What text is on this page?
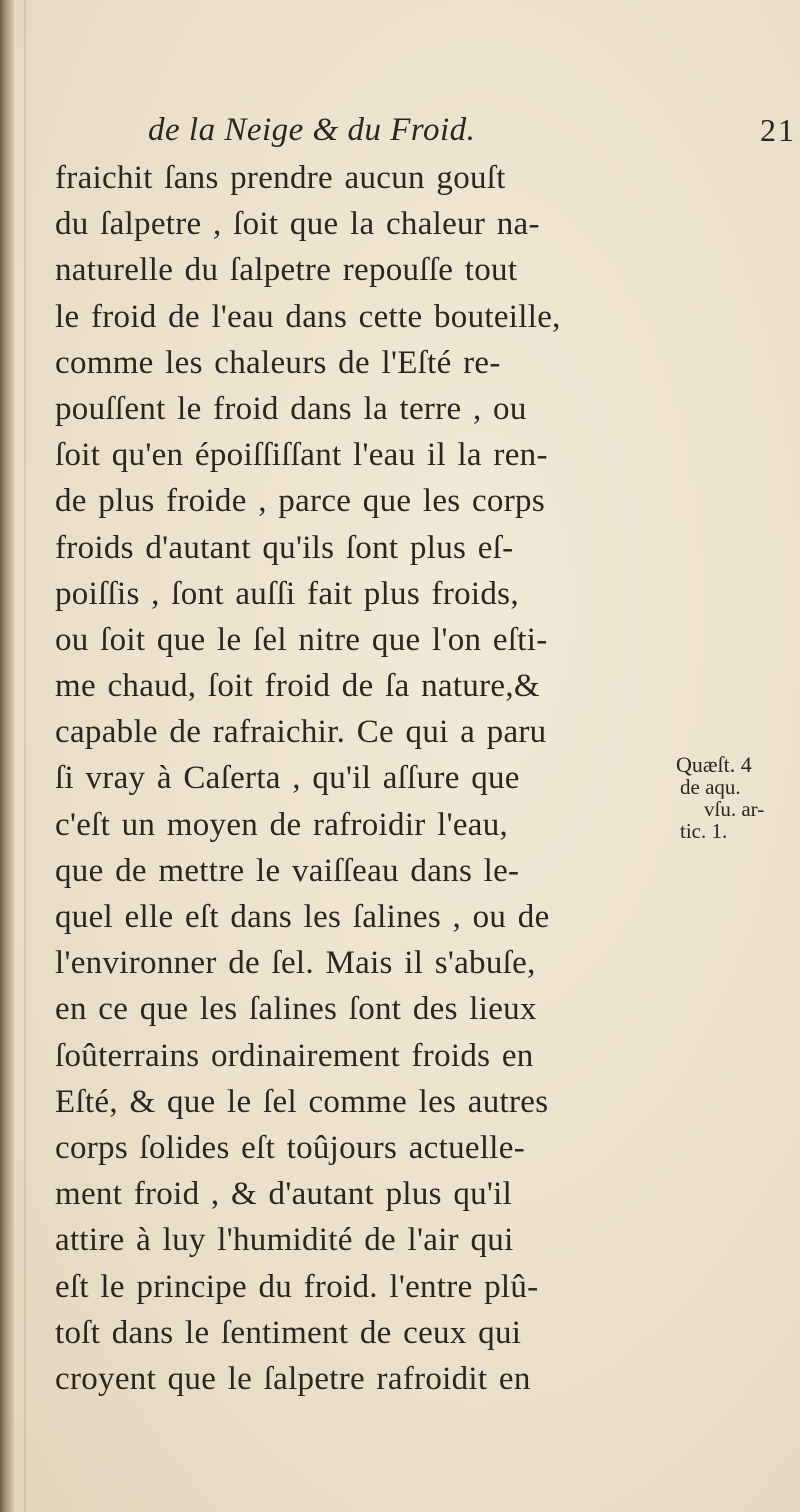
de la Neige & du Froid.	21
fraichit ſans prendre aucun gouſt
du ſalpetre , ſoit que la chaleur na-
naturelle du ſalpetre repouſſe tout
le froid de l'eau dans cette bouteille,
comme les chaleurs de l'Eſté re-
pouſſent le froid dans la terre , ou
ſoit qu'en époiſſiſſant l'eau il la ren-
de plus froide , parce que les corps
froids d'autant qu'ils ſont plus eſ-
poiſſis , ſont auſſi fait plus froids,
ou ſoit que le ſel nitre que l'on eſti-
me chaud, ſoit froid de ſa nature,&
capable de rafraichir. Ce qui a paru
ſi vray à Caſerta , qu'il aſſure que
c'eſt un moyen de rafroidir l'eau,
que de mettre le vaiſſeau dans le-
quel elle eſt dans les ſalines , ou de
l'environner de ſel. Mais il s'abuſe,
en ce que les ſalines ſont des lieux
ſoûterrains ordinairement froids en
Eſté, & que le ſel comme les autres
corps ſolides eſt toûjours actuelle-
ment froid , & d'autant plus qu'il
attire à luy l'humidité de l'air qui
eſt le principe du froid. l'entre plû-
toſt dans le ſentiment de ceux qui
croyent que le ſalpetre rafroidit en
Quæſt. 4
de aqu.
vſu. ar-
tic. 1.
